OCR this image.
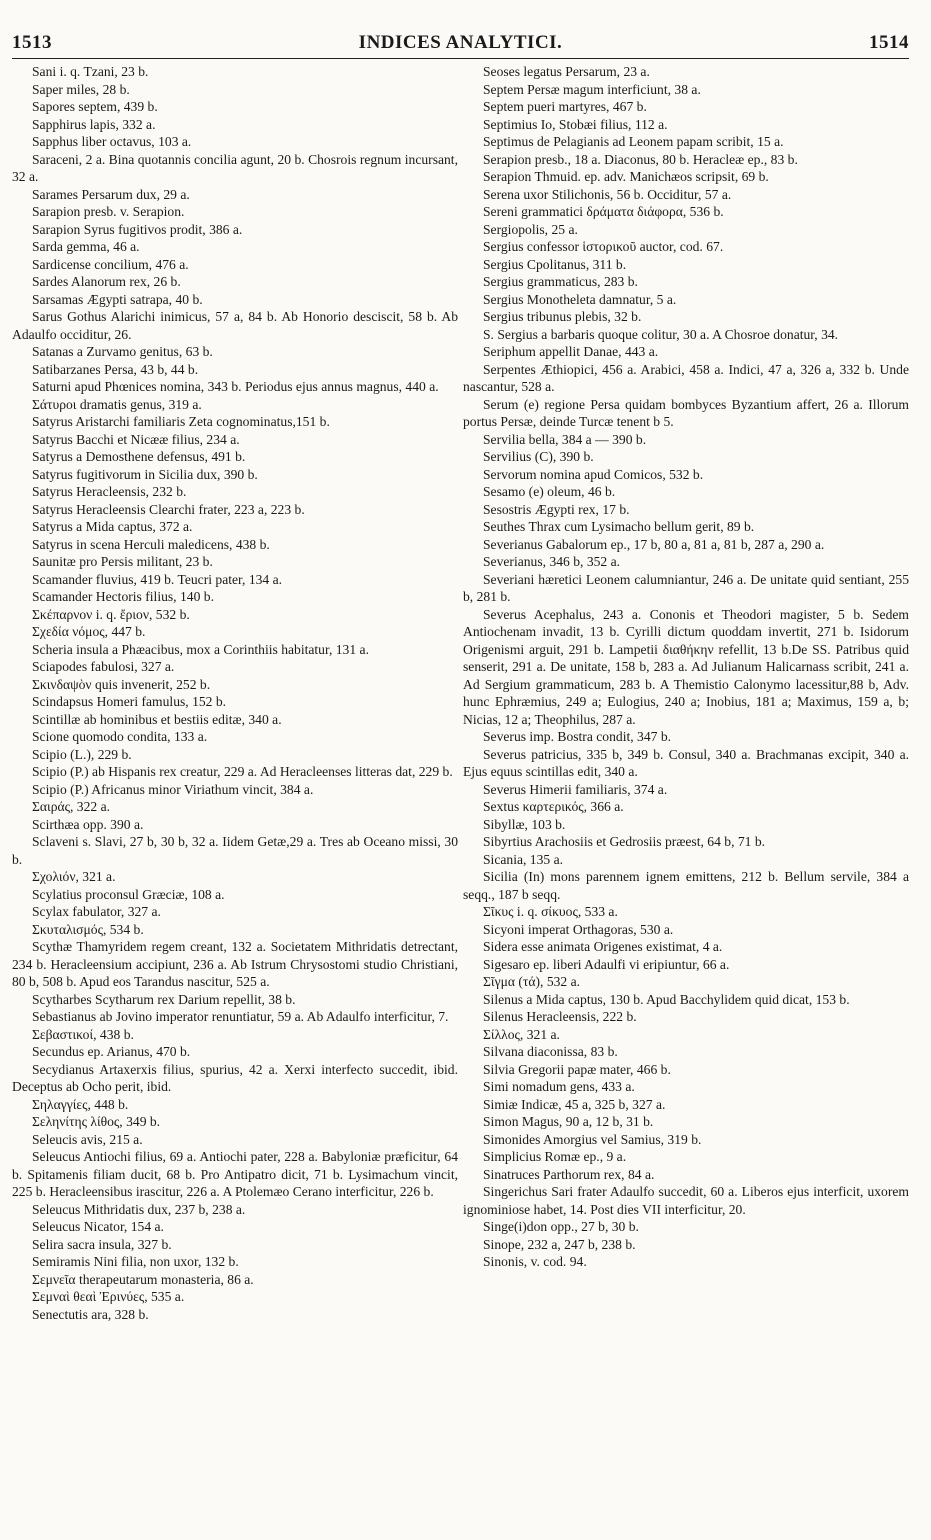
1513	INDICES ANALYTICI.	1514
Sani i. q. Tzani, 23 b.
Saper miles, 28 b.
Sapores septem, 439 b.
Sapphirus lapis, 332 a.
Sapphus liber octavus, 103 a.
Saraceni, 2 a. Bina quotannis concilia agunt, 20 b. Chosrois regnum incursant, 32 a.
Sarames Persarum dux, 29 a.
Sarapion presb. v. Serapion.
Sarapion Syrus fugitivos prodit, 386 a.
Sarda gemma, 46 a.
Sardicense concilium, 476 a.
Sardes Alanorum rex, 26 b.
Sarsamas Ægypti satrapa, 40 b.
Sarus Gothus Alarichi inimicus, 57 a, 84 b. Ab Honorio desciscit, 58 b. Ab Adaulfo occiditur, 26.
Satanas a Zurvamo genitus, 63 b.
Satibarzanes Persa, 43 b, 44 b.
Saturni apud Phœnices nomina, 343 b. Periodus ejus annus magnus, 440 a.
Σάτυροι dramatis genus, 319 a.
Satyrus Aristarchi familiaris Zeta cognominatus,151 b.
Satyrus Bacchi et Nicææ filius, 234 a.
Satyrus a Demosthene defensus, 491 b.
Satyrus fugitivorum in Sicilia dux, 390 b.
Satyrus Heracleensis, 232 b.
Satyrus Heracleensis Clearchi frater, 223 a, 223 b.
Satyrus a Mida captus, 372 a.
Satyrus in scena Herculi maledicens, 438 b.
Saunitæ pro Persis militant, 23 b.
Scamander fluvius, 419 b. Teucri pater, 134 a.
Scamander Hectoris filius, 140 b.
Σκέπαρνον i. q. ἔριον, 532 b.
Σχεδία νόμος, 447 b.
Scheria insula a Phæacibus, mox a Corinthiis habitatur, 131 a.
Sciapodes fabulosi, 327 a.
Σκινδαψὸν quis invenerit, 252 b.
Scindapsus Homeri famulus, 152 b.
Scintillæ ab hominibus et bestiis editæ, 340 a.
Scione quomodo condita, 133 a.
Scipio (L.), 229 b.
Scipio (P.) ab Hispanis rex creatur, 229 a. Ad Heracleenses litteras dat, 229 b.
Scipio (P.) Africanus minor Viriathum vincit, 384 a.
Σαιράς, 322 a.
Scirthæa opp. 390 a.
Sclaveni s. Slavi, 27 b, 30 b, 32 a. Iidem Getæ,29 a. Tres ab Oceano missi, 30 b.
Σχολιόν, 321 a.
Scylatius proconsul Græciæ, 108 a.
Scylax fabulator, 327 a.
Σκυταλισμός, 534 b.
Scythæ Thamyridem regem creant, 132 a. Societatem Mithridatis detrectant, 234 b. Heracleensium accipiunt, 236 a. Ab Istrum Chrysostomi studio Christiani, 80 b, 508 b. Apud eos Tarandus nascitur, 525 a.
Scytharbes Scytharum rex Darium repellit, 38 b.
Sebastianus ab Jovino imperator renuntiatur, 59 a. Ab Adaulfo interficitur, 7.
Σεβαστικοί, 438 b.
Secundus ep. Arianus, 470 b.
Secydianus Artaxerxis filius, spurius, 42 a. Xerxi interfecto succedit, ibid. Deceptus ab Ocho perit, ibid.
Σηλαγγίες, 448 b.
Σεληνίτης λίθος, 349 b.
Seleucis avis, 215 a.
Seleucus Antiochi filius, 69 a. Antiochi pater, 228 a. Babyloniæ præficitur, 64 b. Spitamenis filiam ducit, 68 b. Pro Antipatro dicit, 71 b. Lysimachum vincit, 225 b. Heracleensibus irascitur, 226 a. A Ptolemæo Cerano interficitur, 226 b.
Seleucus Mithridatis dux, 237 b, 238 a.
Seleucus Nicator, 154 a.
Selira sacra insula, 327 b.
Semiramis Nini filia, non uxor, 132 b.
Σεμνεῖα therapeutarum monasteria, 86 a.
Σεμναὶ θεαὶ Ἐρινύες, 535 a.
Senectutis ara, 328 b.
Seoses legatus Persarum, 23 a.
Septem Persæ magum interficiunt, 38 a.
Septem pueri martyres, 467 b.
Septimius Io, Stobæi filius, 112 a.
Septimus de Pelagianis ad Leonem papam scribit, 15 a.
Serapion presb., 18 a. Diaconus, 80 b. Heracleæ ep., 83 b.
Serapion Thmuid. ep. adv. Manichæos scripsit, 69 b.
Serena uxor Stilichonis, 56 b. Occiditur, 57 a.
Sereni grammatici δράματα διάφορα, 536 b.
Sergiopolis, 25 a.
Sergius confessor ἱστορικοῦ auctor, cod. 67.
Sergius Cpolitanus, 311 b.
Sergius grammaticus, 283 b.
Sergius Monotheleta damnatur, 5 a.
Sergius tribunus plebis, 32 b.
S. Sergius a barbaris quoque colitur, 30 a. A Chosroe donatur, 34.
Seriphum appellit Danae, 443 a.
Serpentes Æthiopici, 456 a. Arabici, 458 a. Indici, 47 a, 326 a, 332 b. Unde nascantur, 528 a.
Serum (e) regione Persa quidam bombyces Byzantium affert, 26 a. Illorum portus Persæ, deinde Turcæ tenent b 5.
Servilia bella, 384 a — 390 b.
Servilius (C), 390 b.
Servorum nomina apud Comicos, 532 b.
Sesamo (e) oleum, 46 b.
Sesostris Ægypti rex, 17 b.
Seuthes Thrax cum Lysimacho bellum gerit, 89 b.
Severianus Gabalorum ep., 17 b, 80 a, 81 a, 81 b, 287 a, 290 a.
Severianus, 346 b, 352 a.
Severiani hæretici Leonem calumniantur, 246 a. De unitate quid sentiant, 255 b, 281 b.
Severus Acephalus, 243 a. Cononis et Theodori magister, 5 b. Sedem Antiochenam invadit, 13 b. Cyrilli dictum quoddam invertit, 271 b. Isidorum Origenismi arguit, 291 b. Lampetii διαθήκην refellit, 13 b.De SS. Patribus quid senserit, 291 a. De unitate, 158 b, 283 a. Ad Julianum Halicarnass scribit, 241 a. Ad Sergium grammaticum, 283 b. A Themistio Calonymo lacessitur,88 b, Adv. hunc Ephræmius, 249 a; Eulogius, 240 a; Inobius, 181 a; Maximus, 159 a, b; Nicias, 12 a; Theophilus, 287 a.
Severus imp. Bostra condit, 347 b.
Severus patricius, 335 b, 349 b. Consul, 340 a. Brachmanas excipit, 340 a. Ejus equus scintillas edit, 340 a.
Severus Himerii familiaris, 374 a.
Sextus καρτερικός, 366 a.
Sibyllæ, 103 b.
Sibyrtius Arachosiis et Gedrosiis præest, 64 b, 71 b.
Sicania, 135 a.
Sicilia (In) mons parennem ignem emittens, 212 b. Bellum servile, 384 a seqq., 187 b seqq.
Σῖκυς i. q. σίκυος, 533 a.
Sicyoni imperat Orthagoras, 530 a.
Sidera esse animata Origenes existimat, 4 a.
Sigesaro ep. liberi Adaulfi vi eripiuntur, 66 a.
Σῖγμα (τά), 532 a.
Silenus a Mida captus, 130 b. Apud Bacchylidem quid dicat, 153 b.
Silenus Heracleensis, 222 b.
Σίλλος, 321 a.
Silvana diaconissa, 83 b.
Silvia Gregorii papæ mater, 466 b.
Simi nomadum gens, 433 a.
Simiæ Indicæ, 45 a, 325 b, 327 a.
Simon Magus, 90 a, 12 b, 31 b.
Simonides Amorgius vel Samius, 319 b.
Simplicius Romæ ep., 9 a.
Sinatruces Parthorum rex, 84 a.
Singerichus Sari frater Adaulfo succedit, 60 a. Liberos ejus interficit, uxorem ignominiose habet, 14. Post dies VII interficitur, 20.
Singe(i)don opp., 27 b, 30 b.
Sinope, 232 a, 247 b, 238 b.
Sinonis, v. cod. 94.
